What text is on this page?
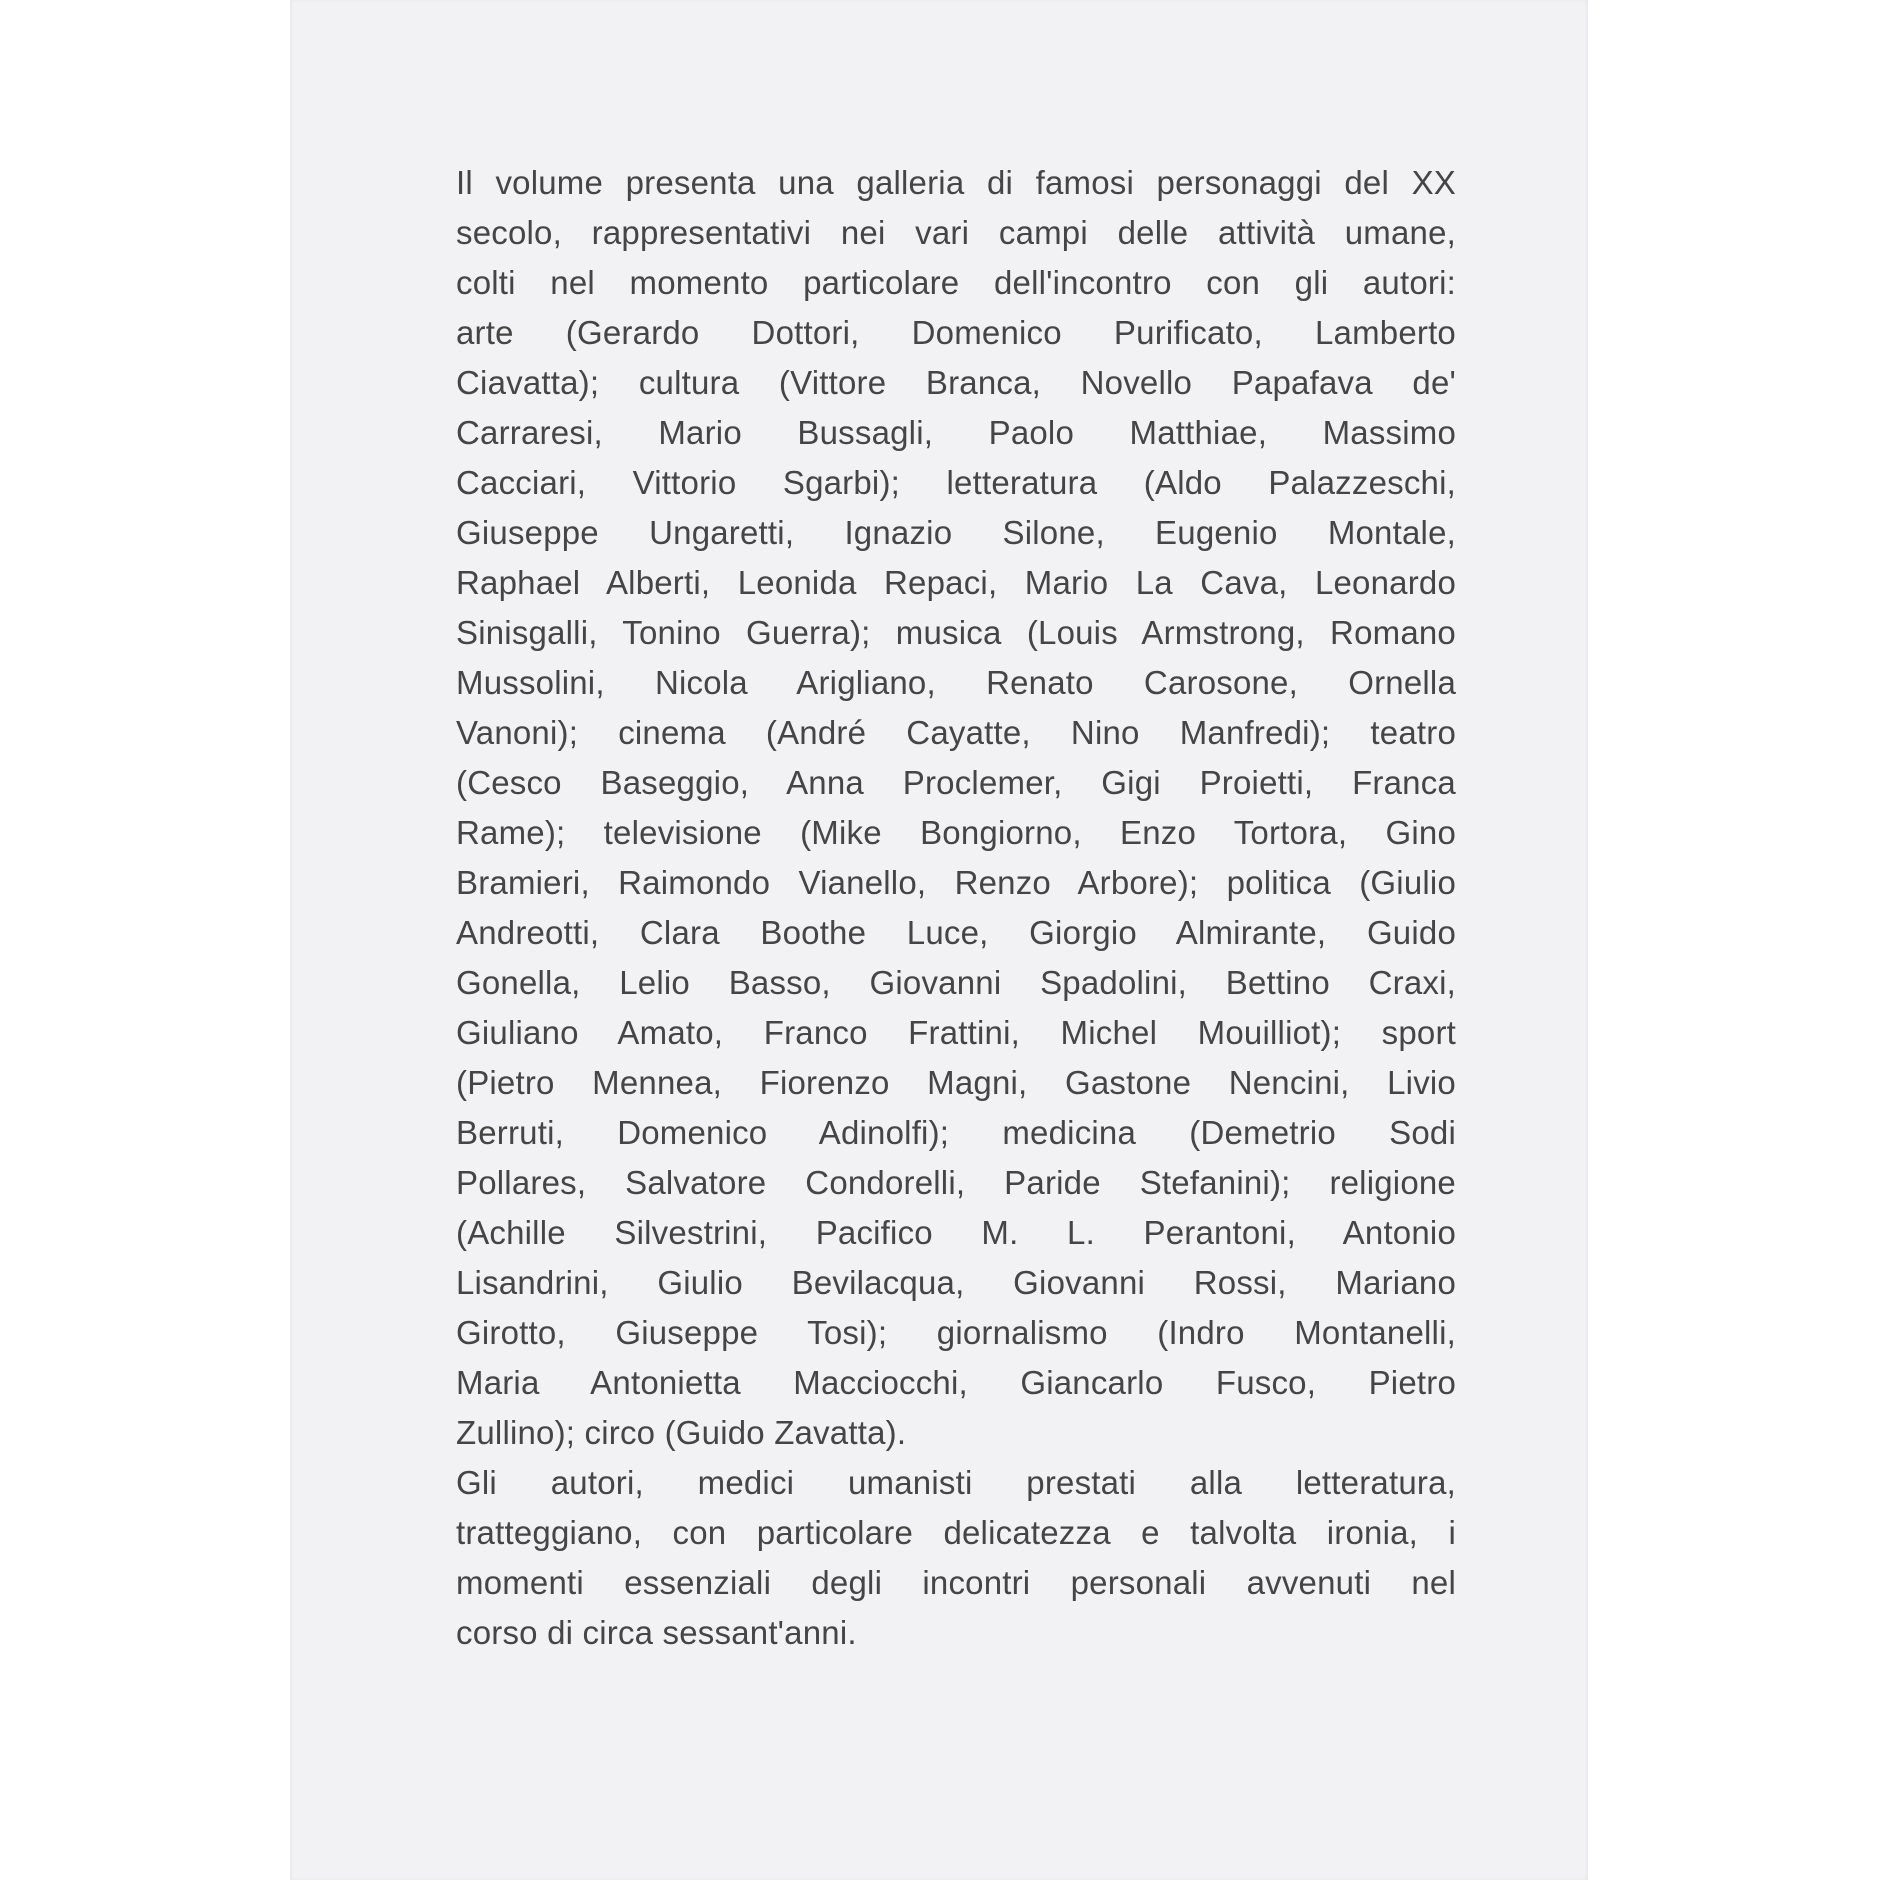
Il volume presenta una galleria di famosi personaggi del XX
secolo, rappresentativi nei vari campi delle attività umane,
colti nel momento particolare dell'incontro con gli autori:
arte (Gerardo Dottori, Domenico Purificato, Lamberto
Ciavatta); cultura (Vittore Branca, Novello Papafava de'
Carraresi, Mario Bussagli, Paolo Matthiae, Massimo
Cacciari, Vittorio Sgarbi); letteratura (Aldo Palazzeschi,
Giuseppe Ungaretti, Ignazio Silone, Eugenio Montale,
Raphael Alberti, Leonida Repaci, Mario La Cava, Leonardo
Sinisgalli, Tonino Guerra); musica (Louis Armstrong, Romano
Mussolini, Nicola Arigliano, Renato Carosone, Ornella
Vanoni); cinema (André Cayatte, Nino Manfredi); teatro
(Cesco Baseggio, Anna Proclemer, Gigi Proietti, Franca
Rame); televisione (Mike Bongiorno, Enzo Tortora, Gino
Bramieri, Raimondo Vianello, Renzo Arbore); politica (Giulio
Andreotti, Clara Boothe Luce, Giorgio Almirante, Guido
Gonella, Lelio Basso, Giovanni Spadolini, Bettino Craxi,
Giuliano Amato, Franco Frattini, Michel Mouilliot); sport
(Pietro Mennea, Fiorenzo Magni, Gastone Nencini, Livio
Berruti, Domenico Adinolfi); medicina (Demetrio Sodi
Pollares, Salvatore Condorelli, Paride Stefanini); religione
(Achille Silvestrini, Pacifico M. L. Perantoni, Antonio
Lisandrini, Giulio Bevilacqua, Giovanni Rossi, Mariano
Girotto, Giuseppe Tosi); giornalismo (Indro Montanelli,
Maria Antonietta Macciocchi, Giancarlo Fusco, Pietro
Zullino); circo (Guido Zavatta).
Gli autori, medici umanisti prestati alla letteratura,
tratteggiano, con particolare delicatezza e talvolta ironia, i
momenti essenziali degli incontri personali avvenuti nel
corso di circa sessant'anni.
